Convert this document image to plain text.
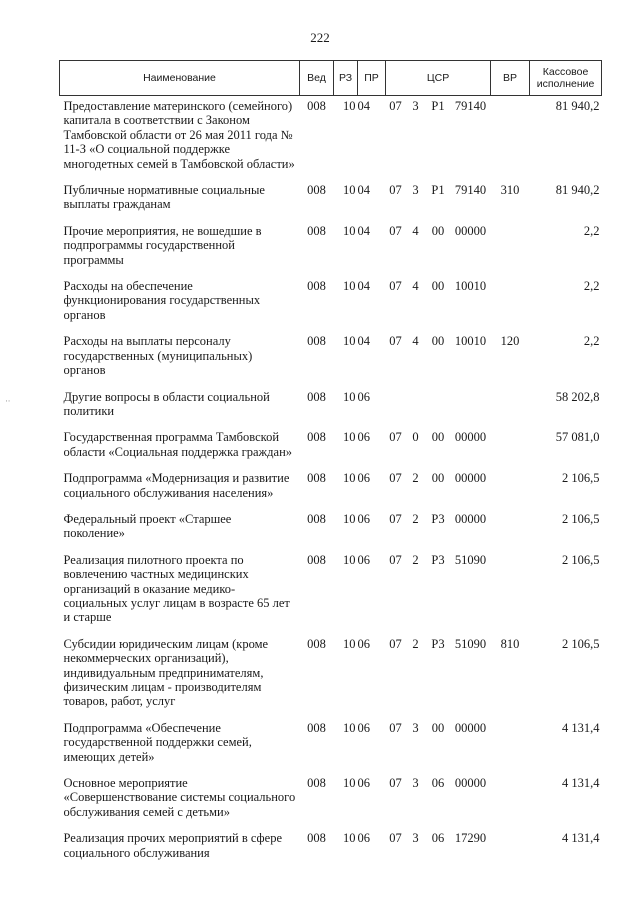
222
:
Наименование	Вед	РЗ	ПР	ЦСР				ВР	Кассовое исполнение
Предоставление материнского (семейного) капитала в соответствии с Законом Тамбовской области от 26 мая 2011 года № 11-З «О социальной поддержке многодетных семей в Тамбовской области»	008	10	04	07	3	P1	79140		81 940,2
Публичные нормативные социальные выплаты гражданам	008	10	04	07	3	P1	79140	310	81 940,2
Прочие мероприятия, не вошедшие в подпрограммы государственной программы	008	10	04	07	4	00	00000		2,2
Расходы на обеспечение функционирования государственных органов	008	10	04	07	4	00	10010		2,2
Расходы на выплаты персоналу государственных (муниципальных) органов	008	10	04	07	4	00	10010	120	2,2
Другие вопросы в области социальной политики	008	10	06						58 202,8
Государственная программа Тамбовской области «Социальная поддержка граждан»	008	10	06	07	0	00	00000		57 081,0
Подпрограмма «Модернизация и развитие социального обслуживания населения»	008	10	06	07	2	00	00000		2 106,5
Федеральный проект «Старшее поколение»	008	10	06	07	2	P3	00000		2 106,5
Реализация пилотного проекта по вовлечению частных медицинских организаций в оказание медико-социальных услуг лицам в возрасте 65 лет и старше	008	10	06	07	2	P3	51090		2 106,5
Субсидии юридическим лицам (кроме некоммерческих организаций), индивидуальным предпринимателям, физическим лицам - производителям товаров, работ, услуг	008	10	06	07	2	P3	51090	810	2 106,5
Подпрограмма «Обеспечение государственной поддержки семей, имеющих детей»	008	10	06	07	3	00	00000		4 131,4
Основное мероприятие «Совершенствование системы социального обслуживания семей с детьми»	008	10	06	07	3	06	00000		4 131,4
Реализация прочих мероприятий в сфере социального обслуживания	008	10	06	07	3	06	17290		4 131,4
